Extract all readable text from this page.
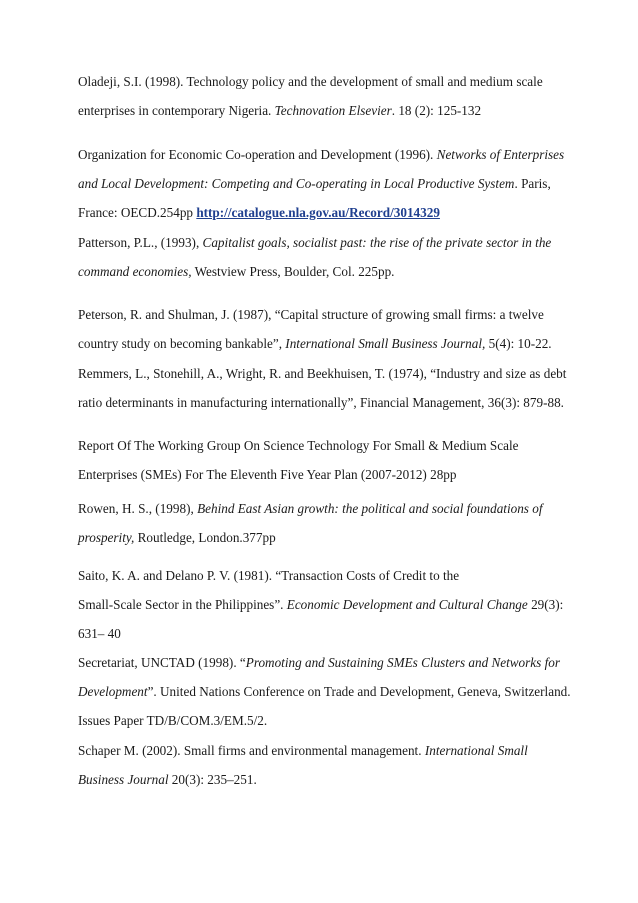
Oladeji, S.I. (1998). Technology policy and the development of small and medium scale
enterprises in contemporary Nigeria. Technovation Elsevier. 18 (2): 125-132

Organization for Economic Co-operation and Development (1996). Networks of Enterprises
and Local Development: Competing and Co-operating in Local Productive System. Paris,
France: OECD.254pp http://catalogue.nla.gov.au/Record/3014329

Patterson, P.L., (1993), Capitalist goals, socialist past: the rise of the private sector in the
command economies, Westview Press, Boulder, Col. 225pp.

Peterson, R. and Shulman, J. (1987), “Capital structure of growing small firms: a twelve
country study on becoming bankable”, International Small Business Journal, 5(4): 10-22.

Remmers, L., Stonehill, A., Wright, R. and Beekhuisen, T. (1974), “Industry and size as debt
ratio determinants in manufacturing internationally”, Financial Management, 36(3): 879-88.

Report Of The Working Group On Science Technology For Small & Medium Scale
Enterprises (SMEs) For The Eleventh Five Year Plan (2007-2012) 28pp

Rowen, H. S., (1998), Behind East Asian growth: the political and social foundations of
prosperity, Routledge, London.377pp

Saito, K. A. and Delano P. V. (1981). “Transaction Costs of Credit to the
Small-Scale Sector in the Philippines”. Economic Development and Cultural Change 29(3):
631– 40

Secretariat, UNCTAD (1998). “Promoting and Sustaining SMEs Clusters and Networks for
Development”. United Nations Conference on Trade and Development, Geneva, Switzerland.
Issues Paper TD/B/COM.3/EM.5/2.

Schaper M. (2002). Small firms and environmental management. International Small
Business Journal 20(3): 235–251.
